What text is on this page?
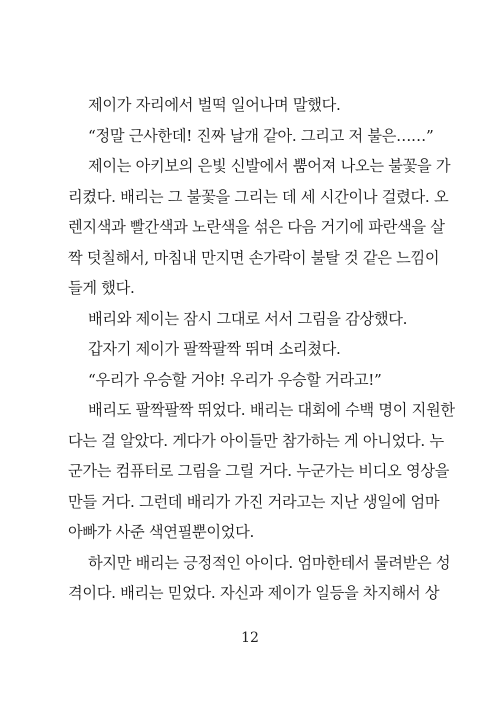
제이가 자리에서 벌떡 일어나며 말했다.
“정말 근사한데! 진짜 날개 같아. 그리고 저 불은……”
제이는 아키보의 은빛 신발에서 뿜어져 나오는 불꽃을 가
리켰다. 배리는 그 불꽃을 그리는 데 세 시간이나 걸렸다. 오
렌지색과 빨간색과 노란색을 섞은 다음 거기에 파란색을 살
짝 덧칠해서, 마침내 만지면 손가락이 불탈 것 같은 느낌이
들게 했다.
배리와 제이는 잠시 그대로 서서 그림을 감상했다.
갑자기 제이가 팔짝팔짝 뛰며 소리쳤다.
“우리가 우승할 거야! 우리가 우승할 거라고!”
배리도 팔짝팔짝 뛰었다. 배리는 대회에 수백 명이 지원한
다는 걸 알았다. 게다가 아이들만 참가하는 게 아니었다. 누
군가는 컴퓨터로 그림을 그릴 거다. 누군가는 비디오 영상을
만들 거다. 그런데 배리가 가진 거라고는 지난 생일에 엄마
아빠가 사준 색연필뿐이었다.
하지만 배리는 긍정적인 아이다. 엄마한테서 물려받은 성
격이다. 배리는 믿었다. 자신과 제이가 일등을 차지해서 상
12
